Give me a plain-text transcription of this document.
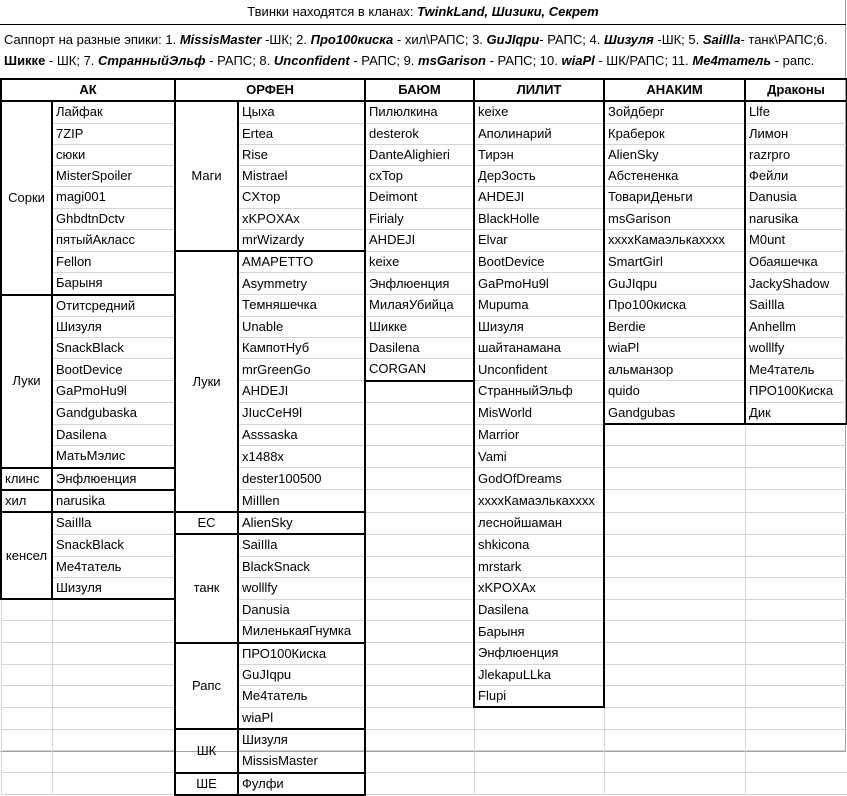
Твинки находятся в кланах: TwinkLand, Шизики, Секрет
Саппорт на разные эпики: 1. MissisMaster -ШК; 2. Про100киска - хил\РАПС; 3. GuJIqpu- РАПС; 4. Шизуля -ШК; 5. SaiIlla- танк\РАПС;6. Шикке - ШК; 7. СтранныйЭльф - РАПС; 8. Unconfident - РАПС; 9. msGarison - РАПС; 10. wiaPl - ШК/РАПС; 11. Me4тaтель - рапс.
АК		ОРФЕН		БАЮМ	ЛИЛИТ	АНАКИМ	Драконы
Сорки	Лайфак	Маги	Цыха	Пилюлкина	keixe	Зойдберг	Llfe
	7ZIP		Ertea	desterok	Аполинарий	Краберок	Лимон
	сюки		Rise	DanteAlighieri	Тирэн	AlienSky	razrpro
	MisterSpoiler		Mistrael	cxTop	ДерЗость	Абстененка	Фейли
	magi001		CXтор	Deimont	AHDEJI	ТовариДеньги	Danusia
	GhbdtnDctv		xKPOXAx	Firialy	BlackHolle	msGarison	narusika
	пятыйАкласс		mrWizardy	AHDEJI	Elvar	xxxxКамаэлькаxxxx	M0unt
	Fellon	Луки	AMAPETTO	keixe	BootDevice	SmartGirl	Обаяшечка
	Барыня		Asymmetry	Энфлюенция	GaPmoHu9l	GuJIqpu	JackyShadow
Луки	Отитсредний		Темняшечка	МилаяУбийца	Mupuma	Про100киска	SaiIlla
	Шизуля		Unable	Шикке	Шизуля	Berdie	Anhellm
	SnackBlack		КампотНуб	Dasilena	шайтанамана	wiaPl	wolllfy
	BootDevice		mrGreenGo	CORGAN	Unconfident	альманзор	Me4тaтель
	GaPmoHu9l		AHDEJI		СтранныйЭльф	quido	ПРО100Киска
	Gandgubaska		JIucCeH9l		MisWorld	Gandgubas	Дик
	Dasilena		Asssaska		Marrior		
	МатьМэлис		x1488x		Vami		
клинс	Энфлюенция		dester100500		GodOfDreams		
хил	narusika		MiIllen		xxxxКамаэлькаxxxx		
кенсел	SaiIlla	ЕС	AlienSky		леснойшаман		
	SnackBlack	танк	SaiIlla		shkicona		
	Me4тaтель		BlackSnack		mrstark		
	Шизуля		wolllfy		xKPOXAx		
			Danusia		Dasilena		
			МиленькаяГнумка		Барыня		
		Рапс	ПРО100Киска		Энфлюенция		
			GuJIqpu		JlekapuLLka		
			Me4тaтель		Flupi		
			wiaPl				
		ШК	Шизуля				
			MissisMaster				
		ШЕ	Фулфи				
